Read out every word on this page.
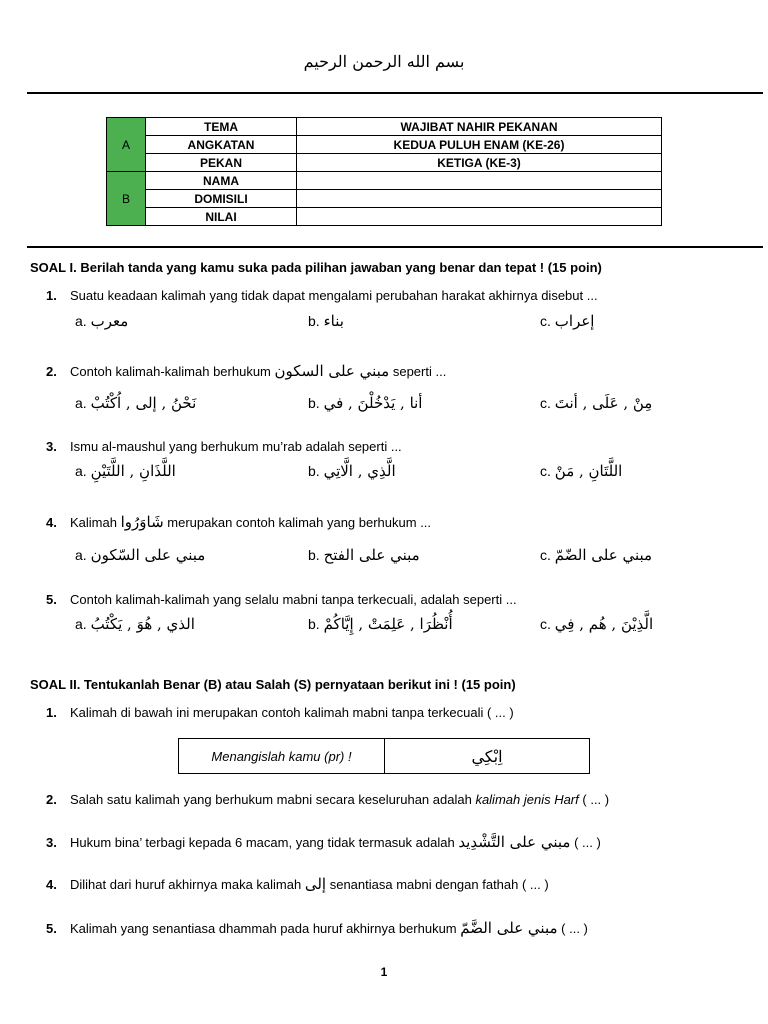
بسم الله الرحمن الرحيم
A	TEMA	WAJIBAT NAHIR PEKANAN
	ANGKATAN	KEDUA PULUH ENAM (KE-26)
	PEKAN	KETIGA (KE-3)
B	NAMA	
	DOMISILI	
	NILAI	
SOAL I. Berilah tanda yang kamu suka pada pilihan jawaban yang benar dan tepat ! (15 poin)
1. Suatu keadaan kalimah yang tidak dapat mengalami perubahan harakat akhirnya disebut ...
a. معرب	b. بناء	c. إعراب
2. Contoh kalimah-kalimah berhukum مبني على السكون seperti ...
a. نَحْنُ , إلى , اُكْتُبْ	b. أنا , يَدْخُلْنَ , في	c. مِنْ , عَلَى , أنتَ
3. Ismu al-maushul yang berhukum mu’rab adalah seperti ...
a. اللَّذَانِ , اللَّتَيْنِ	b. الَّذِي , الَّاتِي	c. اللَّتَانِ , مَنْ
4. Kalimah شَاوَرُوا merupakan contoh kalimah yang berhukum ...
a. مبني على السّكون	b. مبني على الفتح	c. مبني على الضّمّ
5. Contoh kalimah-kalimah yang selalu mabni tanpa terkecuali, adalah seperti ...
a. الذي , هُوَ , يَكْتُبُ	b. أُنْظُرَا , عَلِمَتْ , إِيَّاكُمْ	c. الَّذِيْنَ , هُم , فِي
SOAL II. Tentukanlah Benar (B) atau Salah (S) pernyataan berikut ini ! (15 poin)
1. Kalimah di bawah ini merupakan contoh kalimah mabni tanpa terkecuali ( ... )
Menangislah kamu (pr) !	اِبْكِي
2. Salah satu kalimah yang berhukum mabni secara keseluruhan adalah kalimah jenis Harf ( ... )
3. Hukum bina’ terbagi kepada 6 macam, yang tidak termasuk adalah مبني على التَّشْدِيد ( ... )
4. Dilihat dari huruf akhirnya maka kalimah إلى senantiasa mabni dengan fathah ( ... )
5. Kalimah yang senantiasa dhammah pada huruf akhirnya berhukum مبني على الضَّمّ ( ... )
1
